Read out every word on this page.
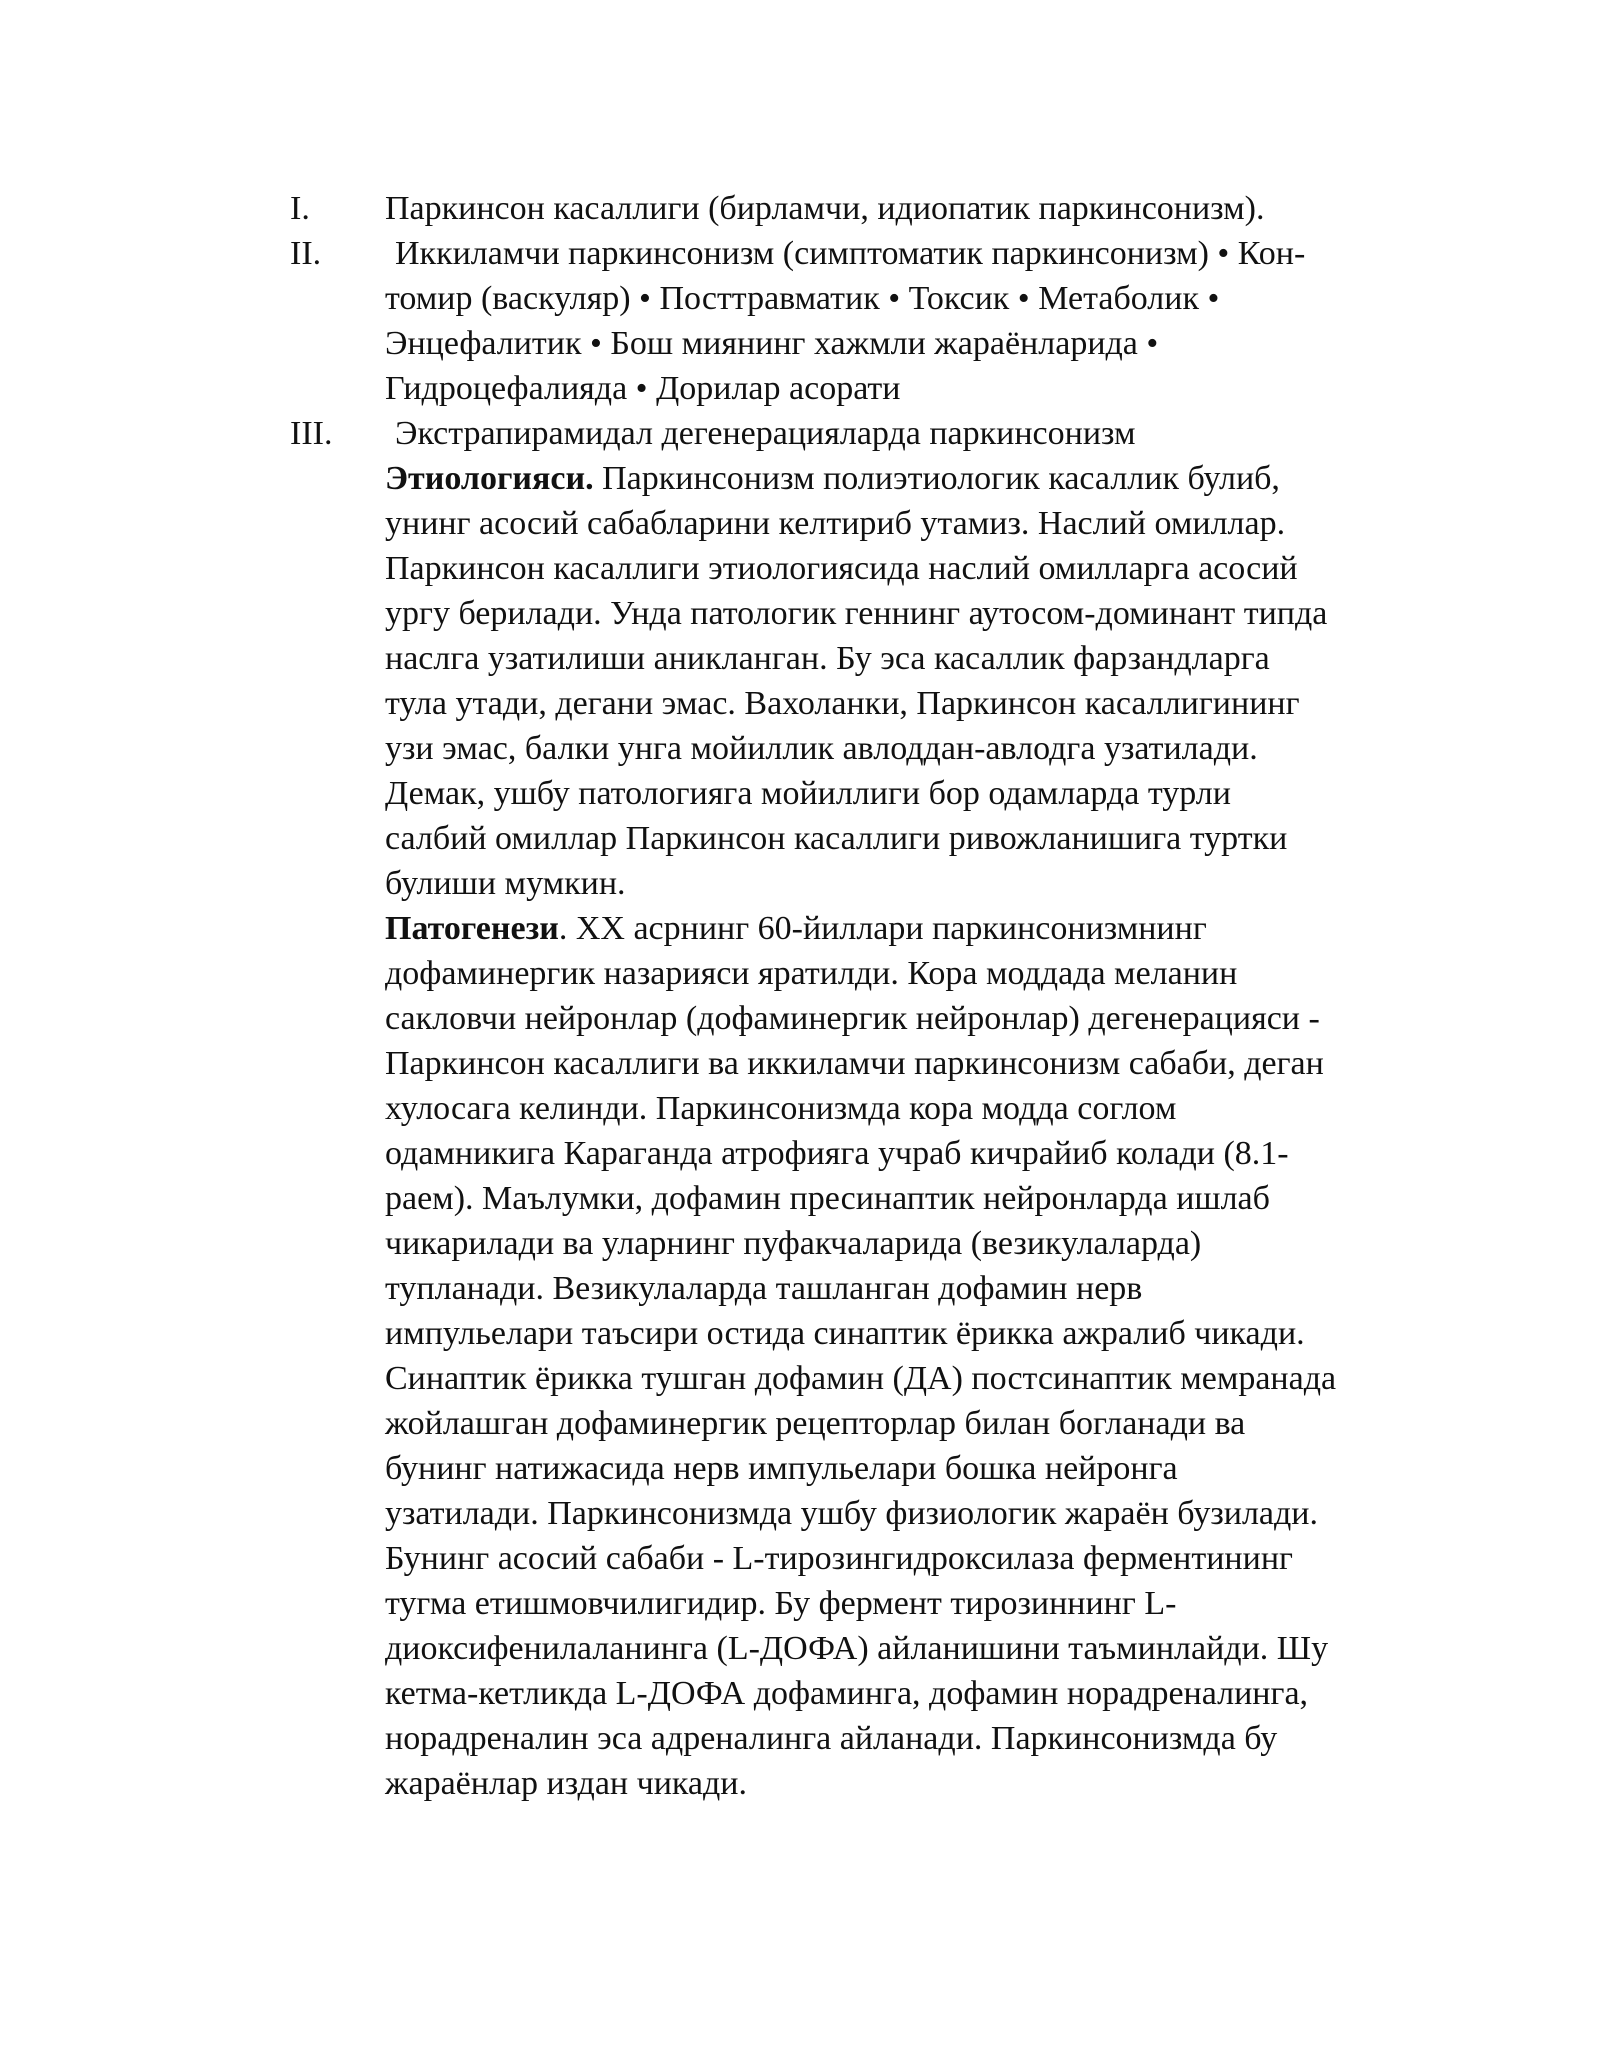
I. Паркинсон касаллиги (бирламчи, идиопатик паркинсонизм).
II. Иккиламчи паркинсонизм (симптоматик паркинсонизм) • Кон-
томир (васкуляр) • Посттравматик • Токсик • Метаболик •
Энцефалитик • Бош миянинг хажмли жараёнларида •
Гидроцефалияда • Дорилар асорати
III. Экстрапирамидал дегенерацияларда паркинсонизм
Этиологияси. Паркинсонизм полиэтиологик касаллик булиб,
унинг асосий сабабларини келтириб утамиз. Наслий омиллар.
Паркинсон касаллиги этиологиясида наслий омилларга асосий
ургу берилади. Унда патологик геннинг аутосом-доминант типда
наслга узатилиши аникланган. Бу эса касаллик фарзандларга
тула утади, дегани эмас. Вахоланки, Паркинсон касаллигининг
узи эмас, балки унга мойиллик авлоддан-авлодга узатилади.
Демак, ушбу патологияга мойиллиги бор одамларда турли
салбий омиллар Паркинсон касаллиги ривожланишига туртки
булиши мумкин.
Патогенези. XX асрнинг 60-йиллари паркинсонизмнинг
дофаминергик назарияси яратилди. Кора моддада меланин
сакловчи нейронлар (дофаминергик нейронлар) дегенерацияси -
Паркинсон касаллиги ва иккиламчи паркинсонизм сабаби, деган
хулосага келинди. Паркинсонизмда кора модда соглом
одамникига Караганда атрофияга учраб кичрайиб колади (8.1-
раем). Маълумки, дофамин пресинаптик нейронларда ишлаб
чикарилади ва уларнинг пуфакчаларида (везикулаларда)
тупланади. Везикулаларда ташланган дофамин нерв
импульелари таъсири остида синаптик ёрикка ажралиб чикади.
Синаптик ёрикка тушган дофамин (ДА) постсинаптик мемранада
жойлашган дофаминергик рецепторлар билан богланади ва
бунинг натижасида нерв импульелари бошка нейронга
узатилади. Паркинсонизмда ушбу физиологик жараён бузилади.
Бунинг асосий сабаби - L-тирозингидроксилаза ферментининг
тугма етишмовчилигидир. Бу фермент тирозиннинг L-
диоксифенилаланинга (L-ДОФА) айланишини таъминлайди. Шу
кетма-кетликда L-ДОФА дофаминга, дофамин норадреналинга,
норадреналин эса адреналинга айланади. Паркинсонизмда бу
жараёнлар издан чикади.
